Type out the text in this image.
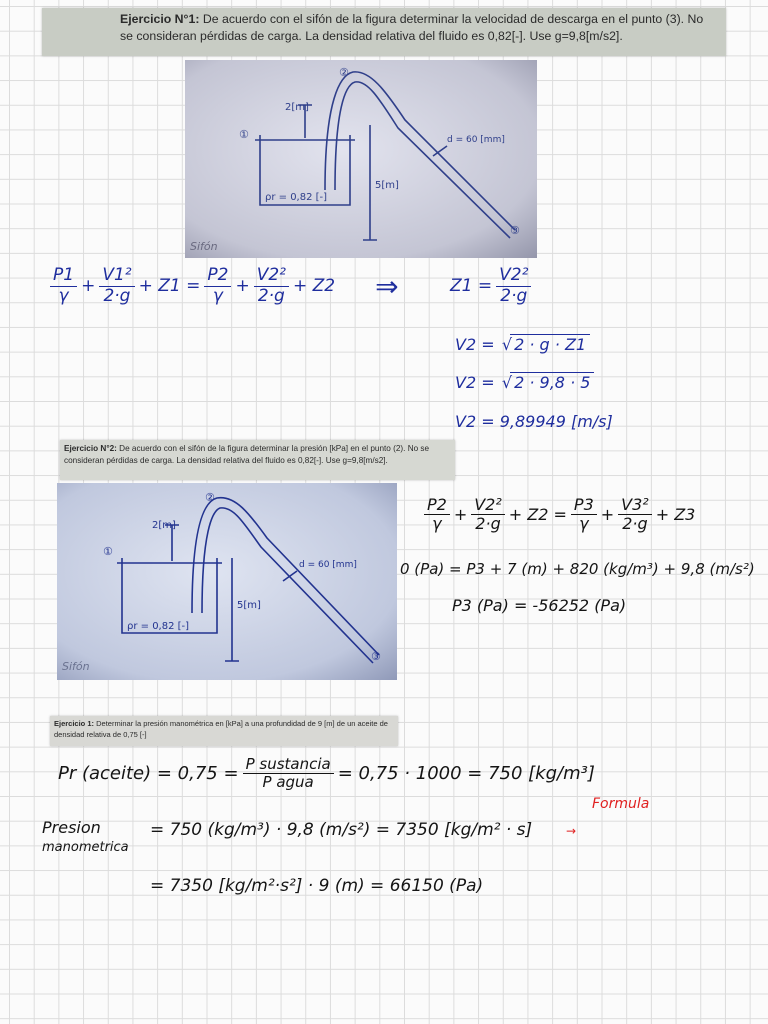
Ejercicio N°1: De acuerdo con el sifón de la figura determinar la velocidad de descarga en el punto (3). No se consideran pérdidas de carga. La densidad relativa del fluido es 0,82[-]. Use g=9,8[m/s2].
2[m]
5[m]
d = 60 [mm]
ρr = 0,82 [-]
Sifón
①
②
③
$\frac{P1}{\gamma} + \frac{\text{V1²}}{2\cdot g}$ +
Z1
= $\frac{P2}{\gamma} + \frac{\text{V2²}}{2\cdot g}$ +
Z2 ⇒	Z1
= $\frac{\text{V2²}}{2\cdot g}$
V2 = √ 2 · g · Z1
V2 = √ 2 · 9,8 · 5
V2 = 9,89949 [m/s]
Ejercicio N°2: De acuerdo con el sifón de la figura determinar la presión [kPa] en el punto (2). No se consideran pérdidas de carga. La densidad relativa del fluido es 0,82[-]. Use g=9,8[m/s2].
2[m]
5[m]
d = 60 [mm]
ρr = 0,82 [-]
Sifón
①
②
③
$\frac{P2}{\gamma} + \frac{\text{V2²}}{2\cdot g}$ +
Z2
= $\frac{P3}{\gamma} + \frac{\text{V3²}}{2\cdot g}$ +
Z3
0 (Pa) = P3 + 7 (m) + 820 (kg/m³) + 9,8 (m/s²)
P3 (Pa) = -56252 (Pa)
Ejercicio 1: Determinar la presión manométrica en [kPa] a una profundidad de 9 [m] de un aceite de densidad relativa de 0,75 [-]
Pr (aceite) = $0,75 = \frac{\text{P sustancia}}{\text{P agua}} = 0,75 \cdot 1000 = 750$ [kg/m³]
Presion
manometrica
= 750 (kg/m³) · 9,8 (m/s²) = 7350 [kg/m² · s]	→
Formula
= 7350 [kg/m²·s²] · 9 (m) = 66150 (Pa)
